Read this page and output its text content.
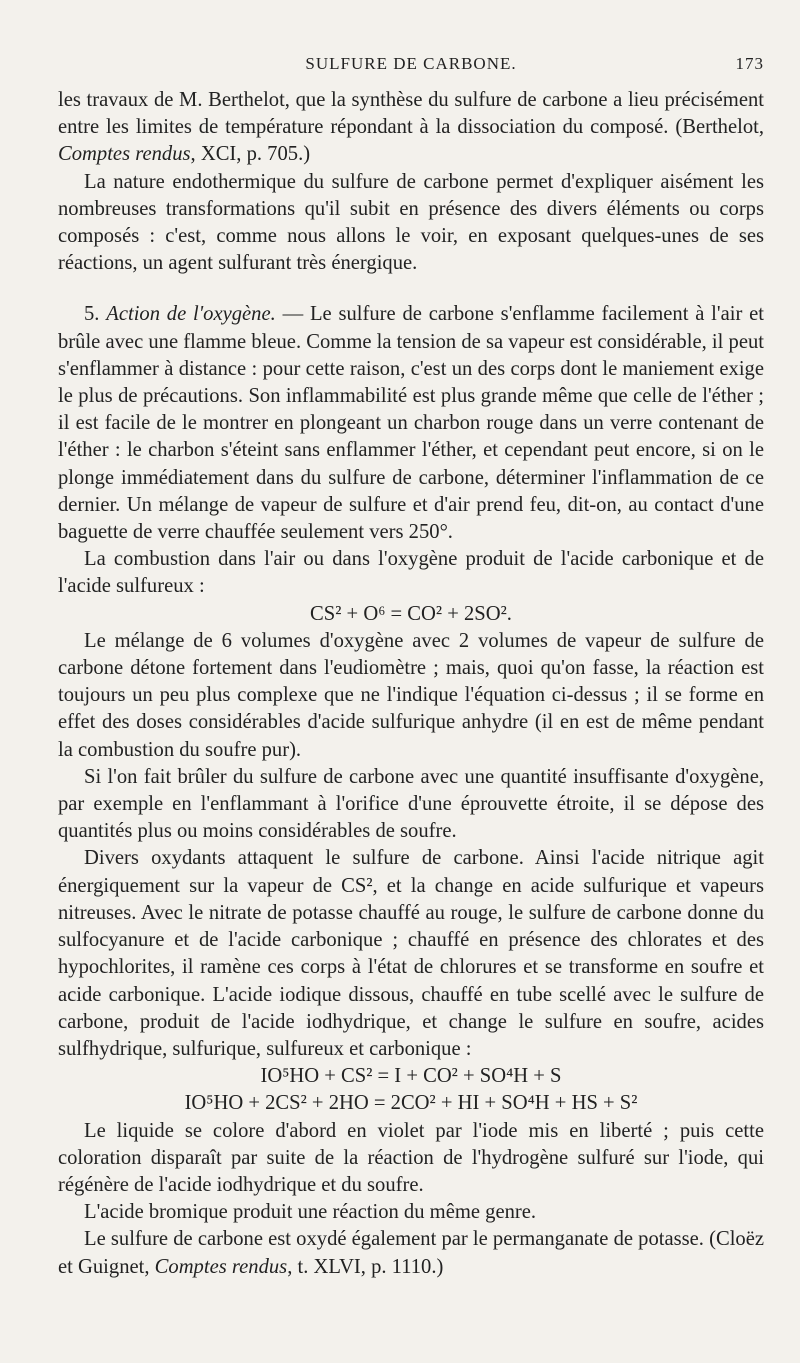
SULFURE DE CARBONE.	173

les travaux de M. Berthelot, que la synthèse du sulfure de carbone a lieu précisément entre les limites de température répondant à la dissociation du composé. (Berthelot, Comptes rendus, XCI, p. 705.)

La nature endothermique du sulfure de carbone permet d'expliquer aisément les nombreuses transformations qu'il subit en présence des divers éléments ou corps composés : c'est, comme nous allons le voir, en exposant quelques-unes de ses réactions, un agent sulfurant très énergique.

5. Action de l'oxygène. — Le sulfure de carbone s'enflamme facilement à l'air et brûle avec une flamme bleue. Comme la tension de sa vapeur est considérable, il peut s'enflammer à distance : pour cette raison, c'est un des corps dont le maniement exige le plus de précautions. Son inflammabilité est plus grande même que celle de l'éther ; il est facile de le montrer en plongeant un charbon rouge dans un verre contenant de l'éther : le charbon s'éteint sans enflammer l'éther, et cependant peut encore, si on le plonge immédiatement dans du sulfure de carbone, déterminer l'inflammation de ce dernier. Un mélange de vapeur de sulfure et d'air prend feu, dit-on, au contact d'une baguette de verre chauffée seulement vers 250°.

La combustion dans l'air ou dans l'oxygène produit de l'acide carbonique et de l'acide sulfureux :

CS² + O⁶ = CO² + 2SO².

Le mélange de 6 volumes d'oxygène avec 2 volumes de vapeur de sulfure de carbone détone fortement dans l'eudiomètre ; mais, quoi qu'on fasse, la réaction est toujours un peu plus complexe que ne l'indique l'équation ci-dessus ; il se forme en effet des doses considérables d'acide sulfurique anhydre (il en est de même pendant la combustion du soufre pur).

Si l'on fait brûler du sulfure de carbone avec une quantité insuffisante d'oxygène, par exemple en l'enflammant à l'orifice d'une éprouvette étroite, il se dépose des quantités plus ou moins considérables de soufre.

Divers oxydants attaquent le sulfure de carbone. Ainsi l'acide nitrique agit énergiquement sur la vapeur de CS², et la change en acide sulfurique et vapeurs nitreuses. Avec le nitrate de potasse chauffé au rouge, le sulfure de carbone donne du sulfocyanure et de l'acide carbonique ; chauffé en présence des chlorates et des hypochlorites, il ramène ces corps à l'état de chlorures et se transforme en soufre et acide carbonique. L'acide iodique dissous, chauffé en tube scellé avec le sulfure de carbone, produit de l'acide iodhydrique, et change le sulfure en soufre, acides sulfhydrique, sulfurique, sulfureux et carbonique :

IO⁵HO + CS² = I + CO² + SO⁴H + S
IO⁵HO + 2CS² + 2HO = 2CO² + HI + SO⁴H + HS + S²

Le liquide se colore d'abord en violet par l'iode mis en liberté ; puis cette coloration disparaît par suite de la réaction de l'hydrogène sulfuré sur l'iode, qui régénère de l'acide iodhydrique et du soufre.

L'acide bromique produit une réaction du même genre.

Le sulfure de carbone est oxydé également par le permanganate de potasse. (Cloëz et Guignet, Comptes rendus, t. XLVI, p. 1110.)
